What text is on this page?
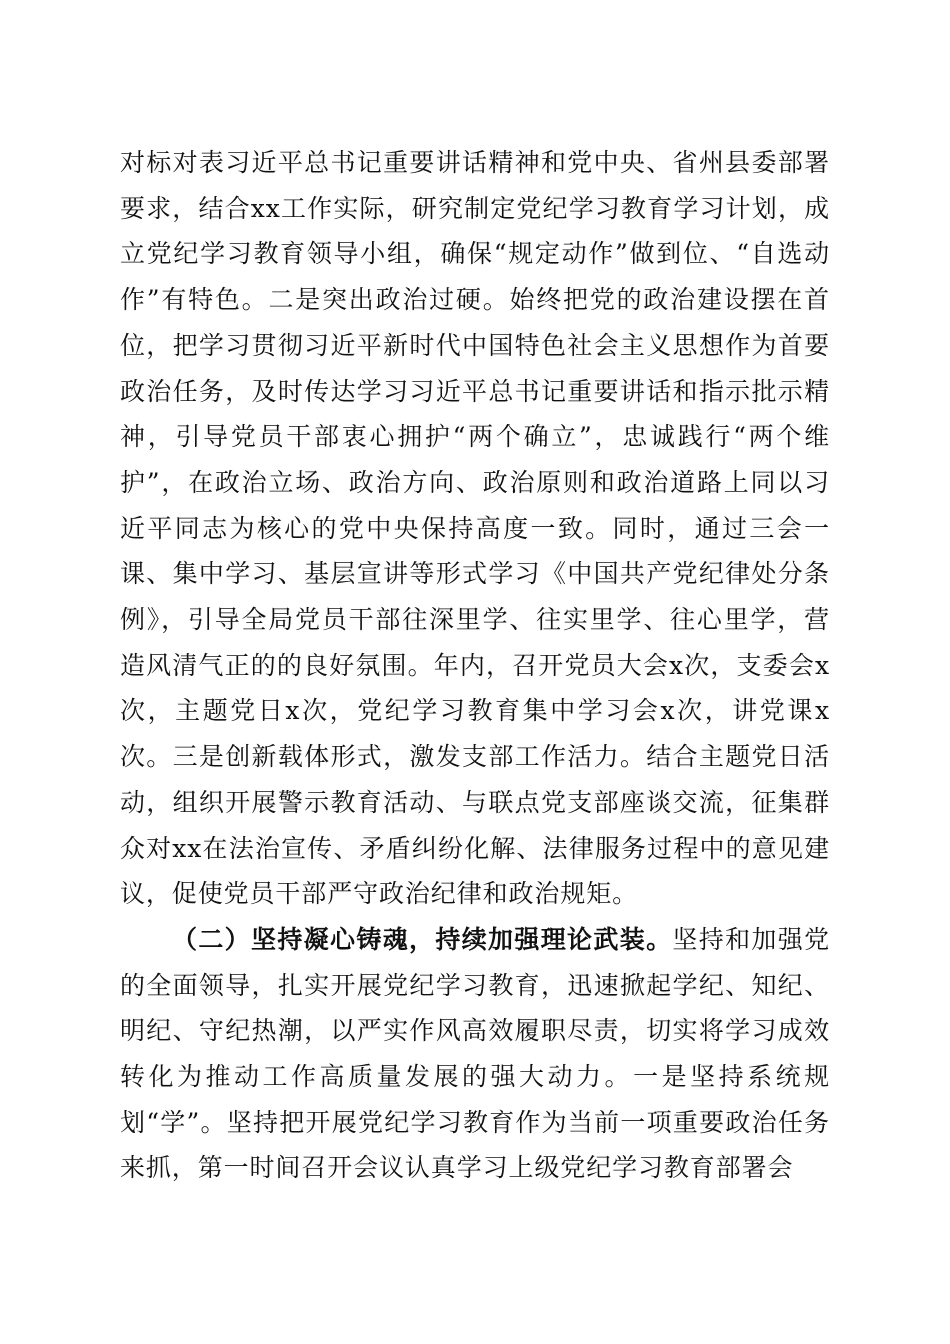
对标对表习近平总书记重要讲话精神和党中央、省州县委部署要求，结合xx工作实际，研究制定党纪学习教育学习计划，成立党纪学习教育领导小组，确保“规定动作”做到位、“自选动作”有特色。二是突出政治过硬。始终把党的政治建设摆在首位，把学习贯彻习近平新时代中国特色社会主义思想作为首要政治任务，及时传达学习习近平总书记重要讲话和指示批示精神，引导党员干部衷心拥护“两个确立”，忠诚践行“两个维护”，在政治立场、政治方向、政治原则和政治道路上同以习近平同志为核心的党中央保持高度一致。同时，通过三会一课、集中学习、基层宣讲等形式学习《中国共产党纪律处分条例》，引导全局党员干部往深里学、往实里学、往心里学，营造风清气正的的良好氛围。年内，召开党员大会x次，支委会x次，主题党日x次，党纪学习教育集中学习会x次，讲党课x次。三是创新载体形式，激发支部工作活力。结合主题党日活动，组织开展警示教育活动、与联点党支部座谈交流，征集群众对xx在法治宣传、矛盾纠纷化解、法律服务过程中的意见建议，促使党员干部严守政治纪律和政治规矩。

（二）坚持凝心铸魂，持续加强理论武装。坚持和加强党的全面领导，扎实开展党纪学习教育，迅速掀起学纪、知纪、明纪、守纪热潮，以严实作风高效履职尽责，切实将学习成效转化为推动工作高质量发展的强大动力。一是坚持系统规划“学”。坚持把开展党纪学习教育作为当前一项重要政治任务来抓，第一时间召开会议认真学习上级党纪学习教育部署会
